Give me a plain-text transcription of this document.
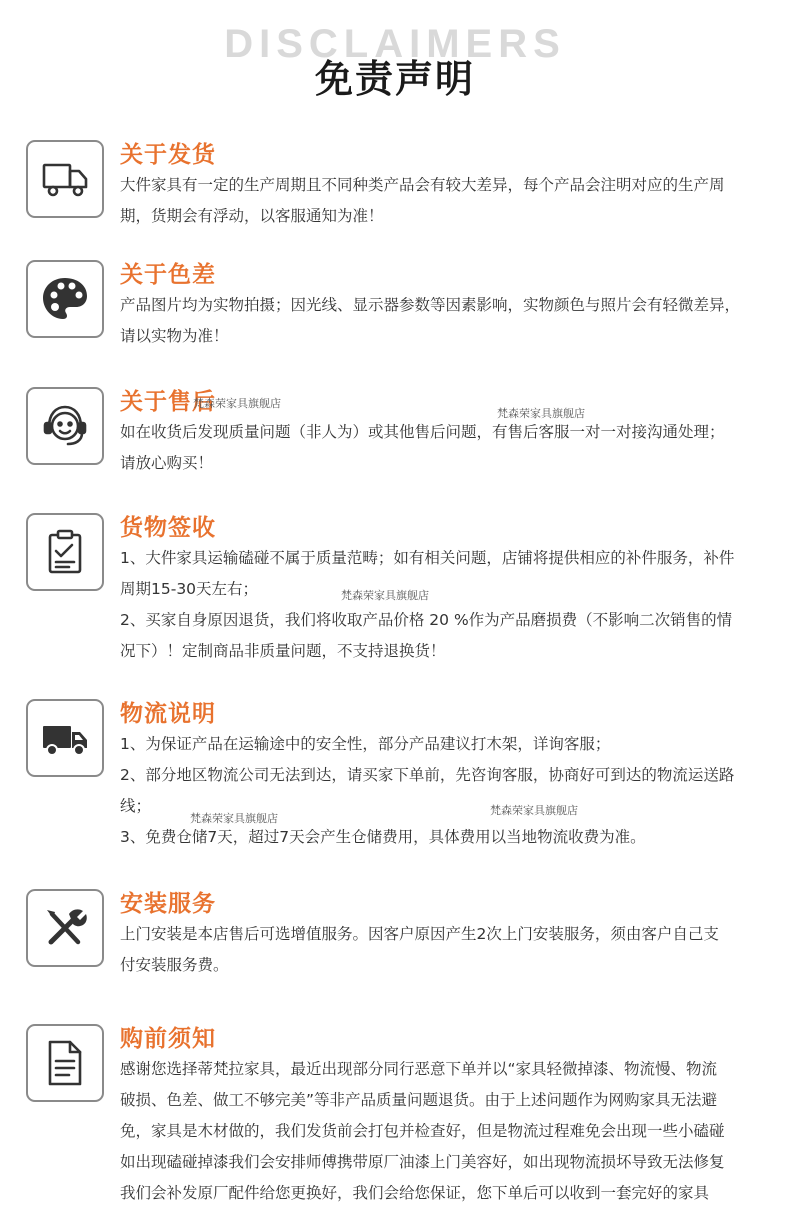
DISCLAIMERS
免责声明
关于发货
大件家具有一定的生产周期且不同种类产品会有较大差异，每个产品会注明对应的生产周
期，货期会有浮动，以客服通知为准！
关于色差
产品图片均为实物拍摄；因光线、显示器参数等因素影响，实物颜色与照片会有轻微差异，
请以实物为准！
关于售后
如在收货后发现质量问题（非人为）或其他售后问题，有售后客服一对一对接沟通处理；
请放心购买！
货物签收
1、大件家具运输磕碰不属于质量范畴；如有相关问题，店铺将提供相应的补件服务，补件
周期15-30天左右；
2、买家自身原因退货，我们将收取产品价格 20 %作为产品磨损费（不影响二次销售的情
况下）！定制商品非质量问题，不支持退换货！
物流说明
1、为保证产品在运输途中的安全性，部分产品建议打木架，详询客服；
2、部分地区物流公司无法到达，请买家下单前，先咨询客服，协商好可到达的物流运送路
线；
3、免费仓储7天，超过7天会产生仓储费用，具体费用以当地物流收费为准。
安装服务
上门安装是本店售后可选增值服务。因客户原因产生2次上门安装服务，须由客户自己支
付安装服务费。
购前须知
感谢您选择蒂梵拉家具，最近出现部分同行恶意下单并以“家具轻微掉漆、物流慢、物流
破损、色差、做工不够完美”等非产品质量问题退货。由于上述问题作为网购家具无法避
免，家具是木材做的，我们发货前会打包并检查好，但是物流过程难免会出现一些小磕碰
如出现磕碰掉漆我们会安排师傅携带原厂油漆上门美容好，如出现物流损坏导致无法修复
我们会补发原厂配件给您更换好，我们会给您保证，您下单后可以收到一套完好的家具
梵森荣家具旗舰店
梵森荣家具旗舰店
梵森荣家具旗舰店
梵森荣家具旗舰店
梵森荣家具旗舰店
